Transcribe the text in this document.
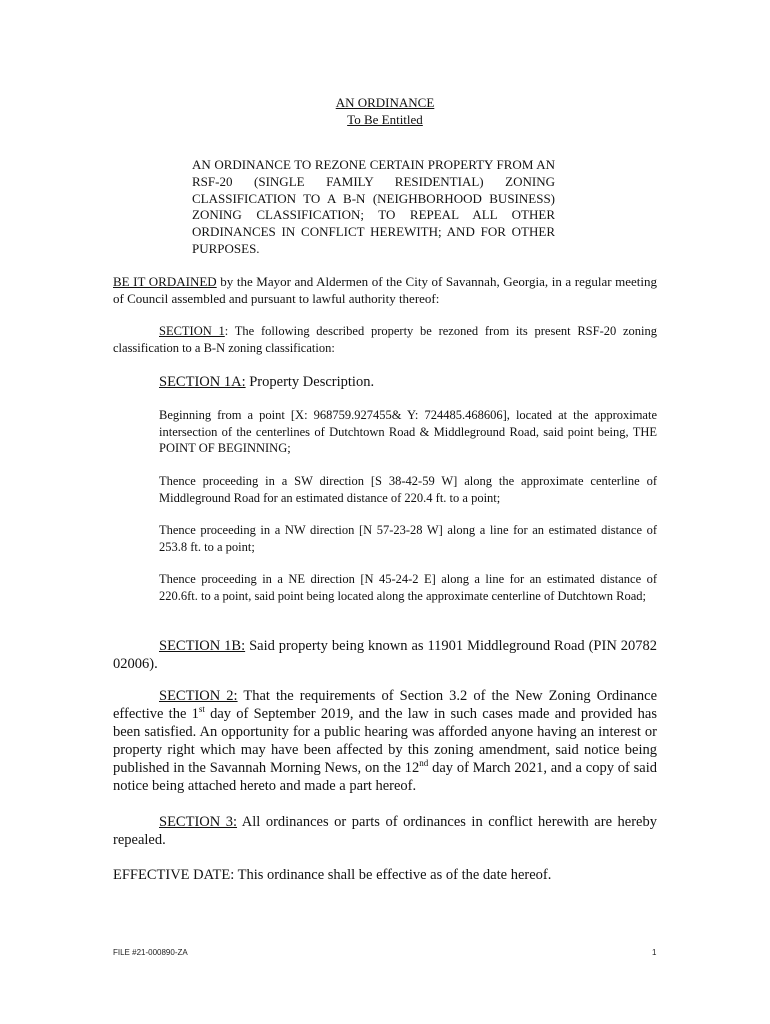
AN ORDINANCE
To Be Entitled
AN ORDINANCE TO REZONE CERTAIN PROPERTY FROM AN RSF-20 (SINGLE FAMILY RESIDENTIAL) ZONING CLASSIFICATION TO A B-N (NEIGHBORHOOD BUSINESS) ZONING CLASSIFICATION; TO REPEAL ALL OTHER ORDINANCES IN CONFLICT HEREWITH; AND FOR OTHER PURPOSES.
BE IT ORDAINED by the Mayor and Aldermen of the City of Savannah, Georgia, in a regular meeting of Council assembled and pursuant to lawful authority thereof:
SECTION 1: The following described property be rezoned from its present RSF-20 zoning classification to a B-N zoning classification:
SECTION 1A: Property Description.
Beginning from a point [X: 968759.927455& Y: 724485.468606], located at the approximate intersection of the centerlines of Dutchtown Road & Middleground Road, said point being, THE POINT OF BEGINNING;
Thence proceeding in a SW direction [S 38-42-59 W] along the approximate centerline of Middleground Road for an estimated distance of 220.4 ft. to a point;
Thence proceeding in a NW direction [N 57-23-28 W] along a line for an estimated distance of 253.8 ft. to a point;
Thence proceeding in a NE direction [N 45-24-2 E] along a line for an estimated distance of 220.6ft. to a point, said point being located along the approximate centerline of Dutchtown Road;
SECTION 1B: Said property being known as 11901 Middleground Road (PIN 20782 02006).
SECTION 2: That the requirements of Section 3.2 of the New Zoning Ordinance effective the 1st day of September 2019, and the law in such cases made and provided has been satisfied. An opportunity for a public hearing was afforded anyone having an interest or property right which may have been affected by this zoning amendment, said notice being published in the Savannah Morning News, on the 12nd day of March 2021, and a copy of said notice being attached hereto and made a part hereof.
SECTION 3: All ordinances or parts of ordinances in conflict herewith are hereby repealed.
EFFECTIVE DATE: This ordinance shall be effective as of the date hereof.
FILE #21-000890-ZA	1
